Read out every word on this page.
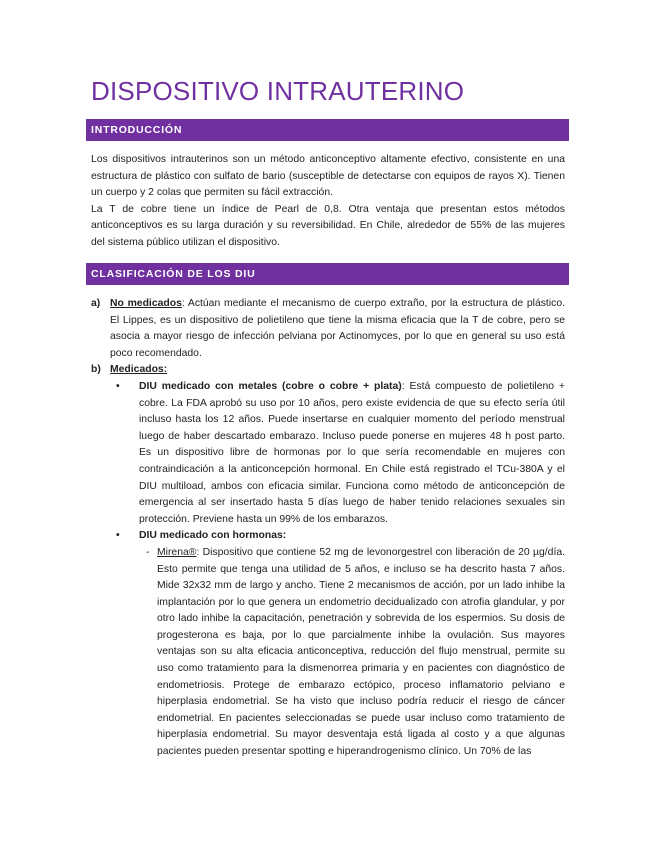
DISPOSITIVO INTRAUTERINO
INTRODUCCIÓN

Los dispositivos intrauterinos son un método anticonceptivo altamente efectivo, consistente en una estructura de plástico con sulfato de bario (susceptible de detectarse con equipos de rayos X). Tienen un cuerpo y 2 colas que permiten su fácil extracción.

La T de cobre tiene un índice de Pearl de 0,8. Otra ventaja que presentan estos métodos anticonceptivos es su larga duración y su reversibilidad. En Chile, alrededor de 55% de las mujeres del sistema público utilizan el dispositivo.

CLASIFICACIÓN DE LOS DIU
a) No medicados: Actúan mediante el mecanismo de cuerpo extraño, por la estructura de plástico. El Lippes, es un dispositivo de polietileno que tiene la misma eficacia que la T de cobre, pero se asocia a mayor riesgo de infección pelviana por Actinomyces, por lo que en general su uso está poco recomendado.
b) Medicados:
• DIU medicado con metales (cobre o cobre + plata): Está compuesto de polietileno + cobre. La FDA aprobó su uso por 10 años, pero existe evidencia de que su efecto sería útil incluso hasta los 12 años. Puede insertarse en cualquier momento del período menstrual luego de haber descartado embarazo. Incluso puede ponerse en mujeres 48 h post parto. Es un dispositivo libre de hormonas por lo que sería recomendable en mujeres con contraindicación a la anticoncepción hormonal. En Chile está registrado el TCu-380A y el DIU multiload, ambos con eficacia similar. Funciona como método de anticoncepción de emergencia al ser insertado hasta 5 días luego de haber tenido relaciones sexuales sin protección. Previene hasta un 99% de los embarazos.
• DIU medicado con hormonas:
- Mirena®: Dispositivo que contiene 52 mg de levonorgestrel con liberación de 20 µg/día. Esto permite que tenga una utilidad de 5 años, e incluso se ha descrito hasta 7 años. Mide 32x32 mm de largo y ancho. Tiene 2 mecanismos de acción, por un lado inhibe la implantación por lo que genera un endometrio decidualizado con atrofia glandular, y por otro lado inhibe la capacitación, penetración y sobrevida de los espermios. Su dosis de progesterona es baja, por lo que parcialmente inhibe la ovulación. Sus mayores ventajas son su alta eficacia anticonceptiva, reducción del flujo menstrual, permite su uso como tratamiento para la dismenorrea primaria y en pacientes con diagnóstico de endometriosis. Protege de embarazo ectópico, proceso inflamatorio pelviano e hiperplasia endometrial. Se ha visto que incluso podría reducir el riesgo de cáncer endometrial. En pacientes seleccionadas se puede usar incluso como tratamiento de hiperplasia endometrial. Su mayor desventaja está ligada al costo y a que algunas pacientes pueden presentar spotting e hiperandrogenismo clínico. Un 70% de las
